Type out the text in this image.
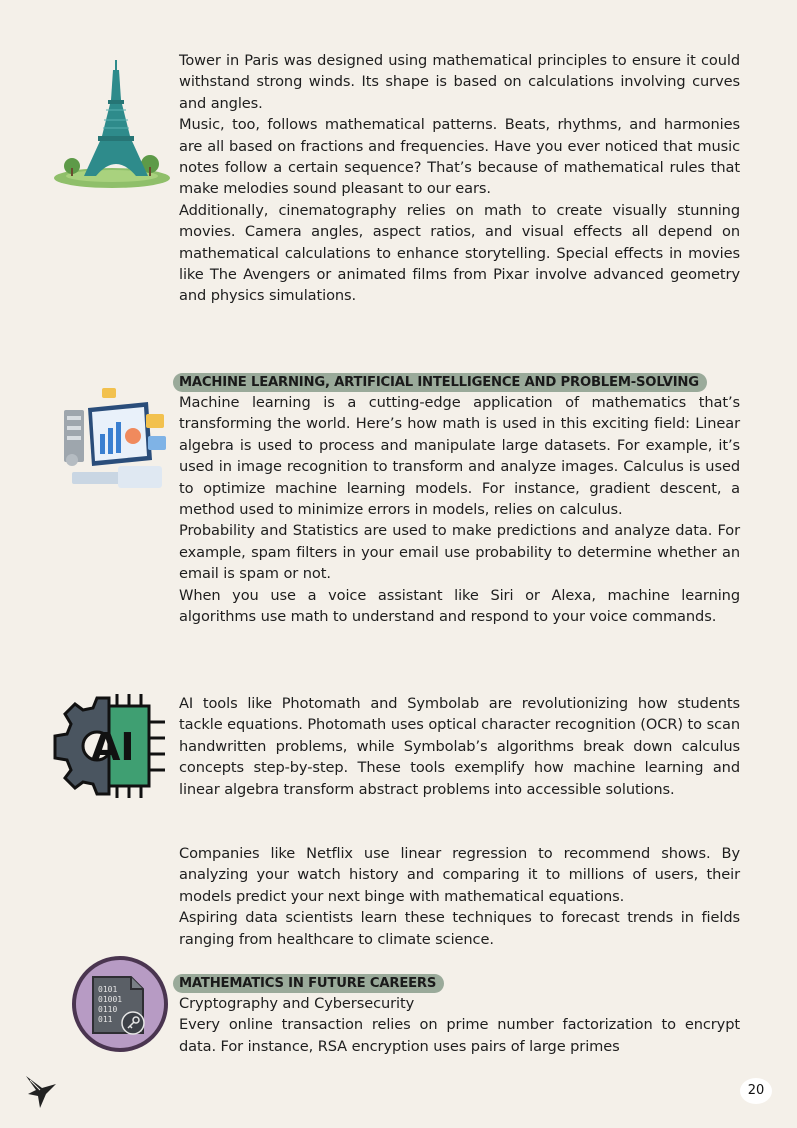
Tower in Paris was designed using mathematical principles to ensure it could withstand strong winds. Its shape is based on calculations involving curves and angles.

Music, too, follows mathematical patterns. Beats, rhythms, and harmonies are all based on fractions and frequencies. Have you ever noticed that music notes follow a certain sequence? That’s because of mathematical rules that make melodies sound pleasant to our ears.

Additionally, cinematography relies on math to create visually stunning movies. Camera angles, aspect ratios, and visual effects all depend on mathematical calculations to enhance storytelling. Special effects in movies like The Avengers or animated films from Pixar involve advanced geometry and physics simulations.

MACHINE LEARNING, ARTIFICIAL INTELLIGENCE AND PROBLEM-SOLVING

Machine learning is a cutting-edge application of mathematics that’s transforming the world. Here’s how math is used in this exciting field: Linear algebra is used to process and manipulate large datasets. For example, it’s used in image recognition to transform and analyze images. Calculus is used to optimize machine learning models. For instance, gradient descent, a method used to minimize errors in models, relies on calculus.

Probability and Statistics are used to make predictions and analyze data. For example, spam filters in your email use probability to determine whether an email is spam or not.

When you use a voice assistant like Siri or Alexa, machine learning algorithms use math to understand and respond to your voice commands.

AI

AI tools like Photomath and Symbolab are revolutionizing how students tackle equations. Photomath uses optical character recognition (OCR) to scan handwritten problems, while Symbolab’s algorithms break down calculus concepts step-by-step. These tools exemplify how machine learning and linear algebra transform abstract problems into accessible solutions.

Companies like Netflix use linear regression to recommend shows. By analyzing your watch history and comparing it to millions of users, their models predict your next binge with mathematical equations.

Aspiring data scientists learn these techniques to forecast trends in fields ranging from healthcare to climate science.

0101
01001
0110
011
MATHEMATICS IN FUTURE CAREERS

Cryptography and Cybersecurity

Every online transaction relies on prime number factorization to encrypt data. For instance, RSA encryption uses pairs of large primes

20
